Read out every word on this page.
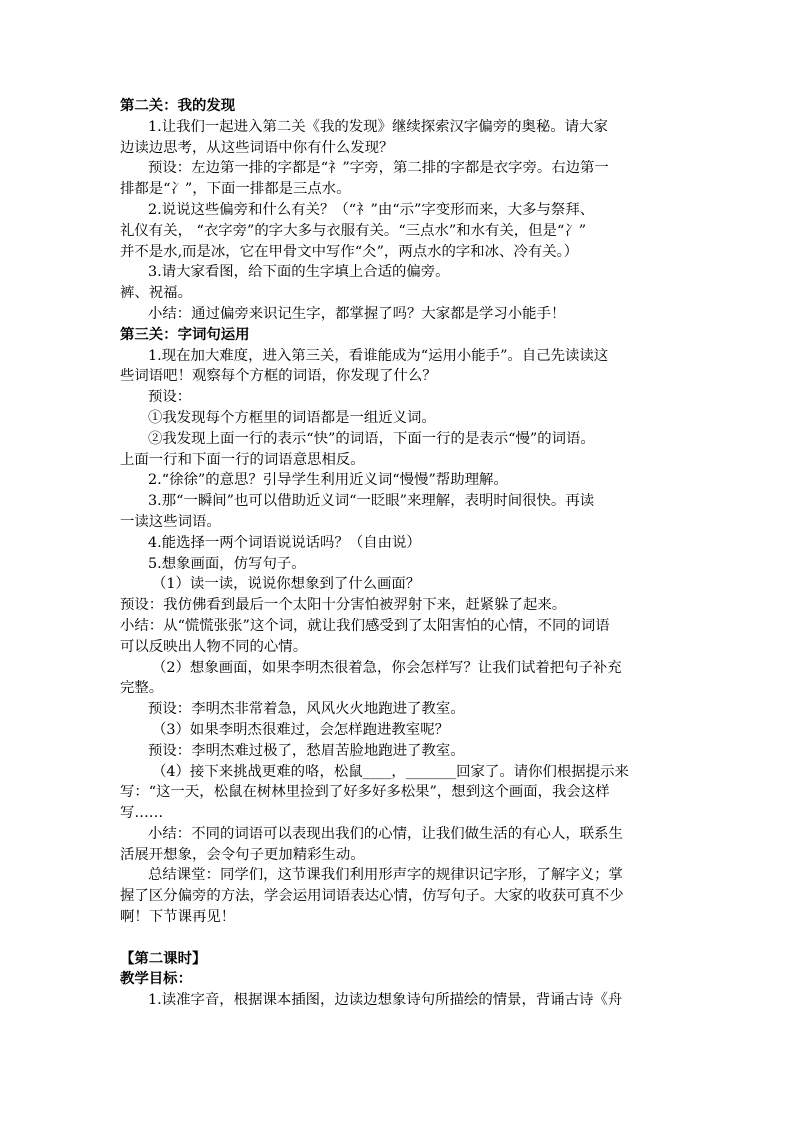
第二关：我的发现
1.让我们一起进入第二关《我的发现》继续探索汉字偏旁的奥秘。请大家
边读边思考，从这些词语中你有什么发现？
预设：左边第一排的字都是“礻”字旁，第二排的字都是衣字旁。右边第一
排都是“冫”，下面一排都是三点水。
2.说说这些偏旁和什么有关？（“礻”由“示”字变形而来，大多与祭拜、
礼仪有关， “衣字旁”的字大多与衣服有关。“三点水”和水有关，但是“冫”
并不是水,而是冰，它在甲骨文中写作“仌”，两点水的字和冰、冷有关。）
3.请大家看图，给下面的生字填上合适的偏旁。
裤、祝福。
小结：通过偏旁来识记生字，都掌握了吗？大家都是学习小能手！
第三关：字词句运用
1.现在加大难度，进入第三关，看谁能成为“运用小能手”。自己先读读这
些词语吧！观察每个方框的词语，你发现了什么？
预设：
①我发现每个方框里的词语都是一组近义词。
②我发现上面一行的表示“快”的词语，下面一行的是表示“慢”的词语。
上面一行和下面一行的词语意思相反。
2.“徐徐”的意思？引导学生利用近义词“慢慢”帮助理解。
3.那“一瞬间”也可以借助近义词“一眨眼”来理解，表明时间很快。再读
一读这些词语。
4.能选择一两个词语说说话吗？（自由说）
5.想象画面，仿写句子。
（1）读一读，说说你想象到了什么画面？
预设：我仿佛看到最后一个太阳十分害怕被羿射下来，赶紧躲了起来。
小结：从“慌慌张张”这个词，就让我们感受到了太阳害怕的心情，不同的词语
可以反映出人物不同的心情。
（2）想象画面，如果李明杰很着急，你会怎样写？让我们试着把句子补充
完整。
预设：李明杰非常着急，风风火火地跑进了教室。
（3）如果李明杰很难过，会怎样跑进教室呢？
预设：李明杰难过极了，愁眉苦脸地跑进了教室。
（4）接下来挑战更难的咯，松鼠____，_______回家了。请你们根据提示来
写：“这一天，松鼠在树林里捡到了好多好多松果”，想到这个画面，我会这样
写……
小结：不同的词语可以表现出我们的心情，让我们做生活的有心人，联系生
活展开想象，会令句子更加精彩生动。
总结课堂：同学们，这节课我们利用形声字的规律识记字形，了解字义；掌
握了区分偏旁的方法，学会运用词语表达心情，仿写句子。大家的收获可真不少
啊！下节课再见！
【第二课时】
教学目标：
1.读准字音，根据课本插图，边读边想象诗句所描绘的情景，背诵古诗《舟
